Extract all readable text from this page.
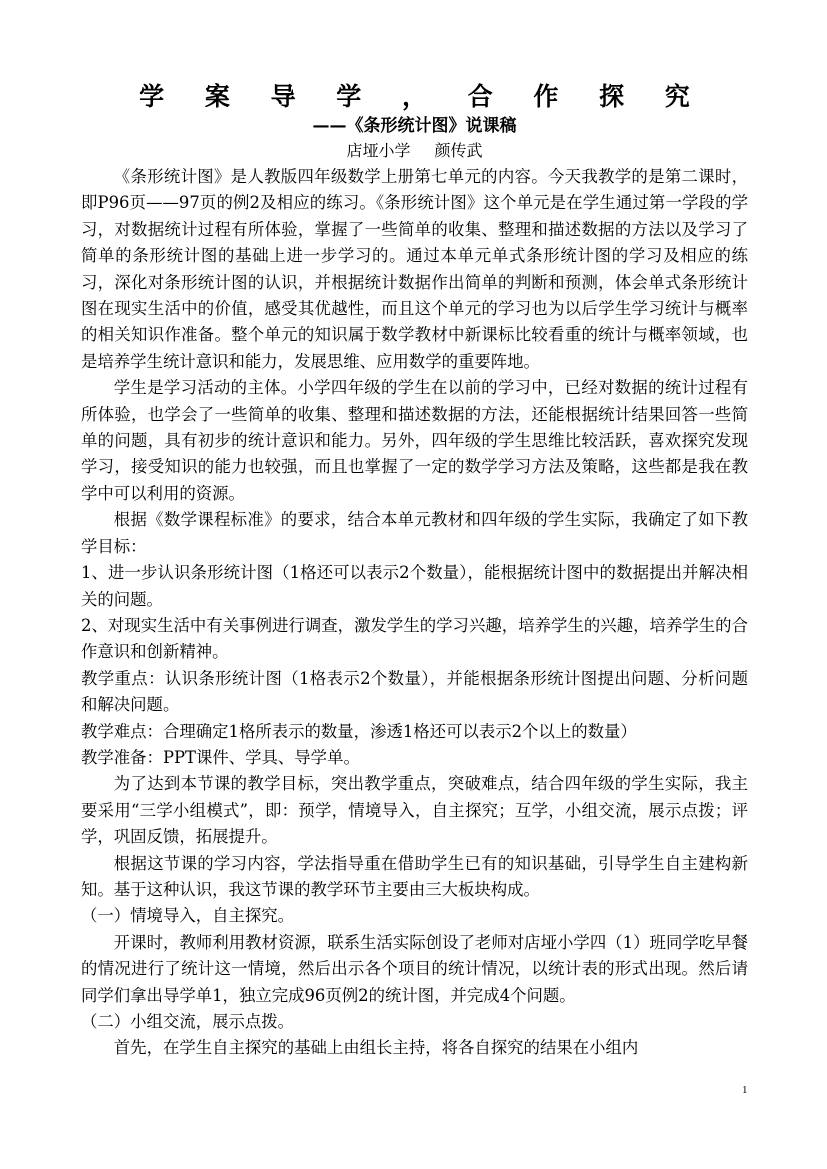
学 案 导 学 ， 合 作 探 究
——《条形统计图》说课稿
店垭小学 颜传武

《条形统计图》是人教版四年级数学上册第七单元的内容。今天我教学的是第二课时，即P96页——97页的例2及相应的练习。《条形统计图》这个单元是在学生通过第一学段的学习，对数据统计过程有所体验，掌握了一些简单的收集、整理和描述数据的方法以及学习了简单的条形统计图的基础上进一步学习的。通过本单元单式条形统计图的学习及相应的练习，深化对条形统计图的认识，并根据统计数据作出简单的判断和预测，体会单式条形统计图在现实生活中的价值，感受其优越性，而且这个单元的学习也为以后学生学习统计与概率的相关知识作准备。整个单元的知识属于数学教材中新课标比较看重的统计与概率领域，也是培养学生统计意识和能力，发展思维、应用数学的重要阵地。

学生是学习活动的主体。小学四年级的学生在以前的学习中，已经对数据的统计过程有所体验，也学会了一些简单的收集、整理和描述数据的方法，还能根据统计结果回答一些简单的问题，具有初步的统计意识和能力。另外，四年级的学生思维比较活跃，喜欢探究发现学习，接受知识的能力也较强，而且也掌握了一定的数学学习方法及策略，这些都是我在教学中可以利用的资源。

根据《数学课程标准》的要求，结合本单元教材和四年级的学生实际，我确定了如下教学目标：

1、进一步认识条形统计图（1格还可以表示2个数量），能根据统计图中的数据提出并解决相关的问题。

2、对现实生活中有关事例进行调查，激发学生的学习兴趣，培养学生的兴趣，培养学生的合作意识和创新精神。

教学重点：认识条形统计图（1格表示2个数量），并能根据条形统计图提出问题、分析问题和解决问题。

教学难点：合理确定1格所表示的数量，渗透1格还可以表示2个以上的数量）

教学准备：PPT课件、学具、导学单。

为了达到本节课的教学目标，突出教学重点，突破难点，结合四年级的学生实际，我主要采用“三学小组模式”，即：预学，情境导入，自主探究；互学，小组交流，展示点拨；评学，巩固反馈，拓展提升。

根据这节课的学习内容，学法指导重在借助学生已有的知识基础，引导学生自主建构新知。基于这种认识，我这节课的教学环节主要由三大板块构成。

（一）情境导入，自主探究。

开课时，教师利用教材资源，联系生活实际创设了老师对店垭小学四（1）班同学吃早餐的情况进行了统计这一情境，然后出示各个项目的统计情况，以统计表的形式出现。然后请同学们拿出导学单1，独立完成96页例2的统计图，并完成4个问题。

（二）小组交流，展示点拨。

首先，在学生自主探究的基础上由组长主持，将各自探究的结果在小组内

1
